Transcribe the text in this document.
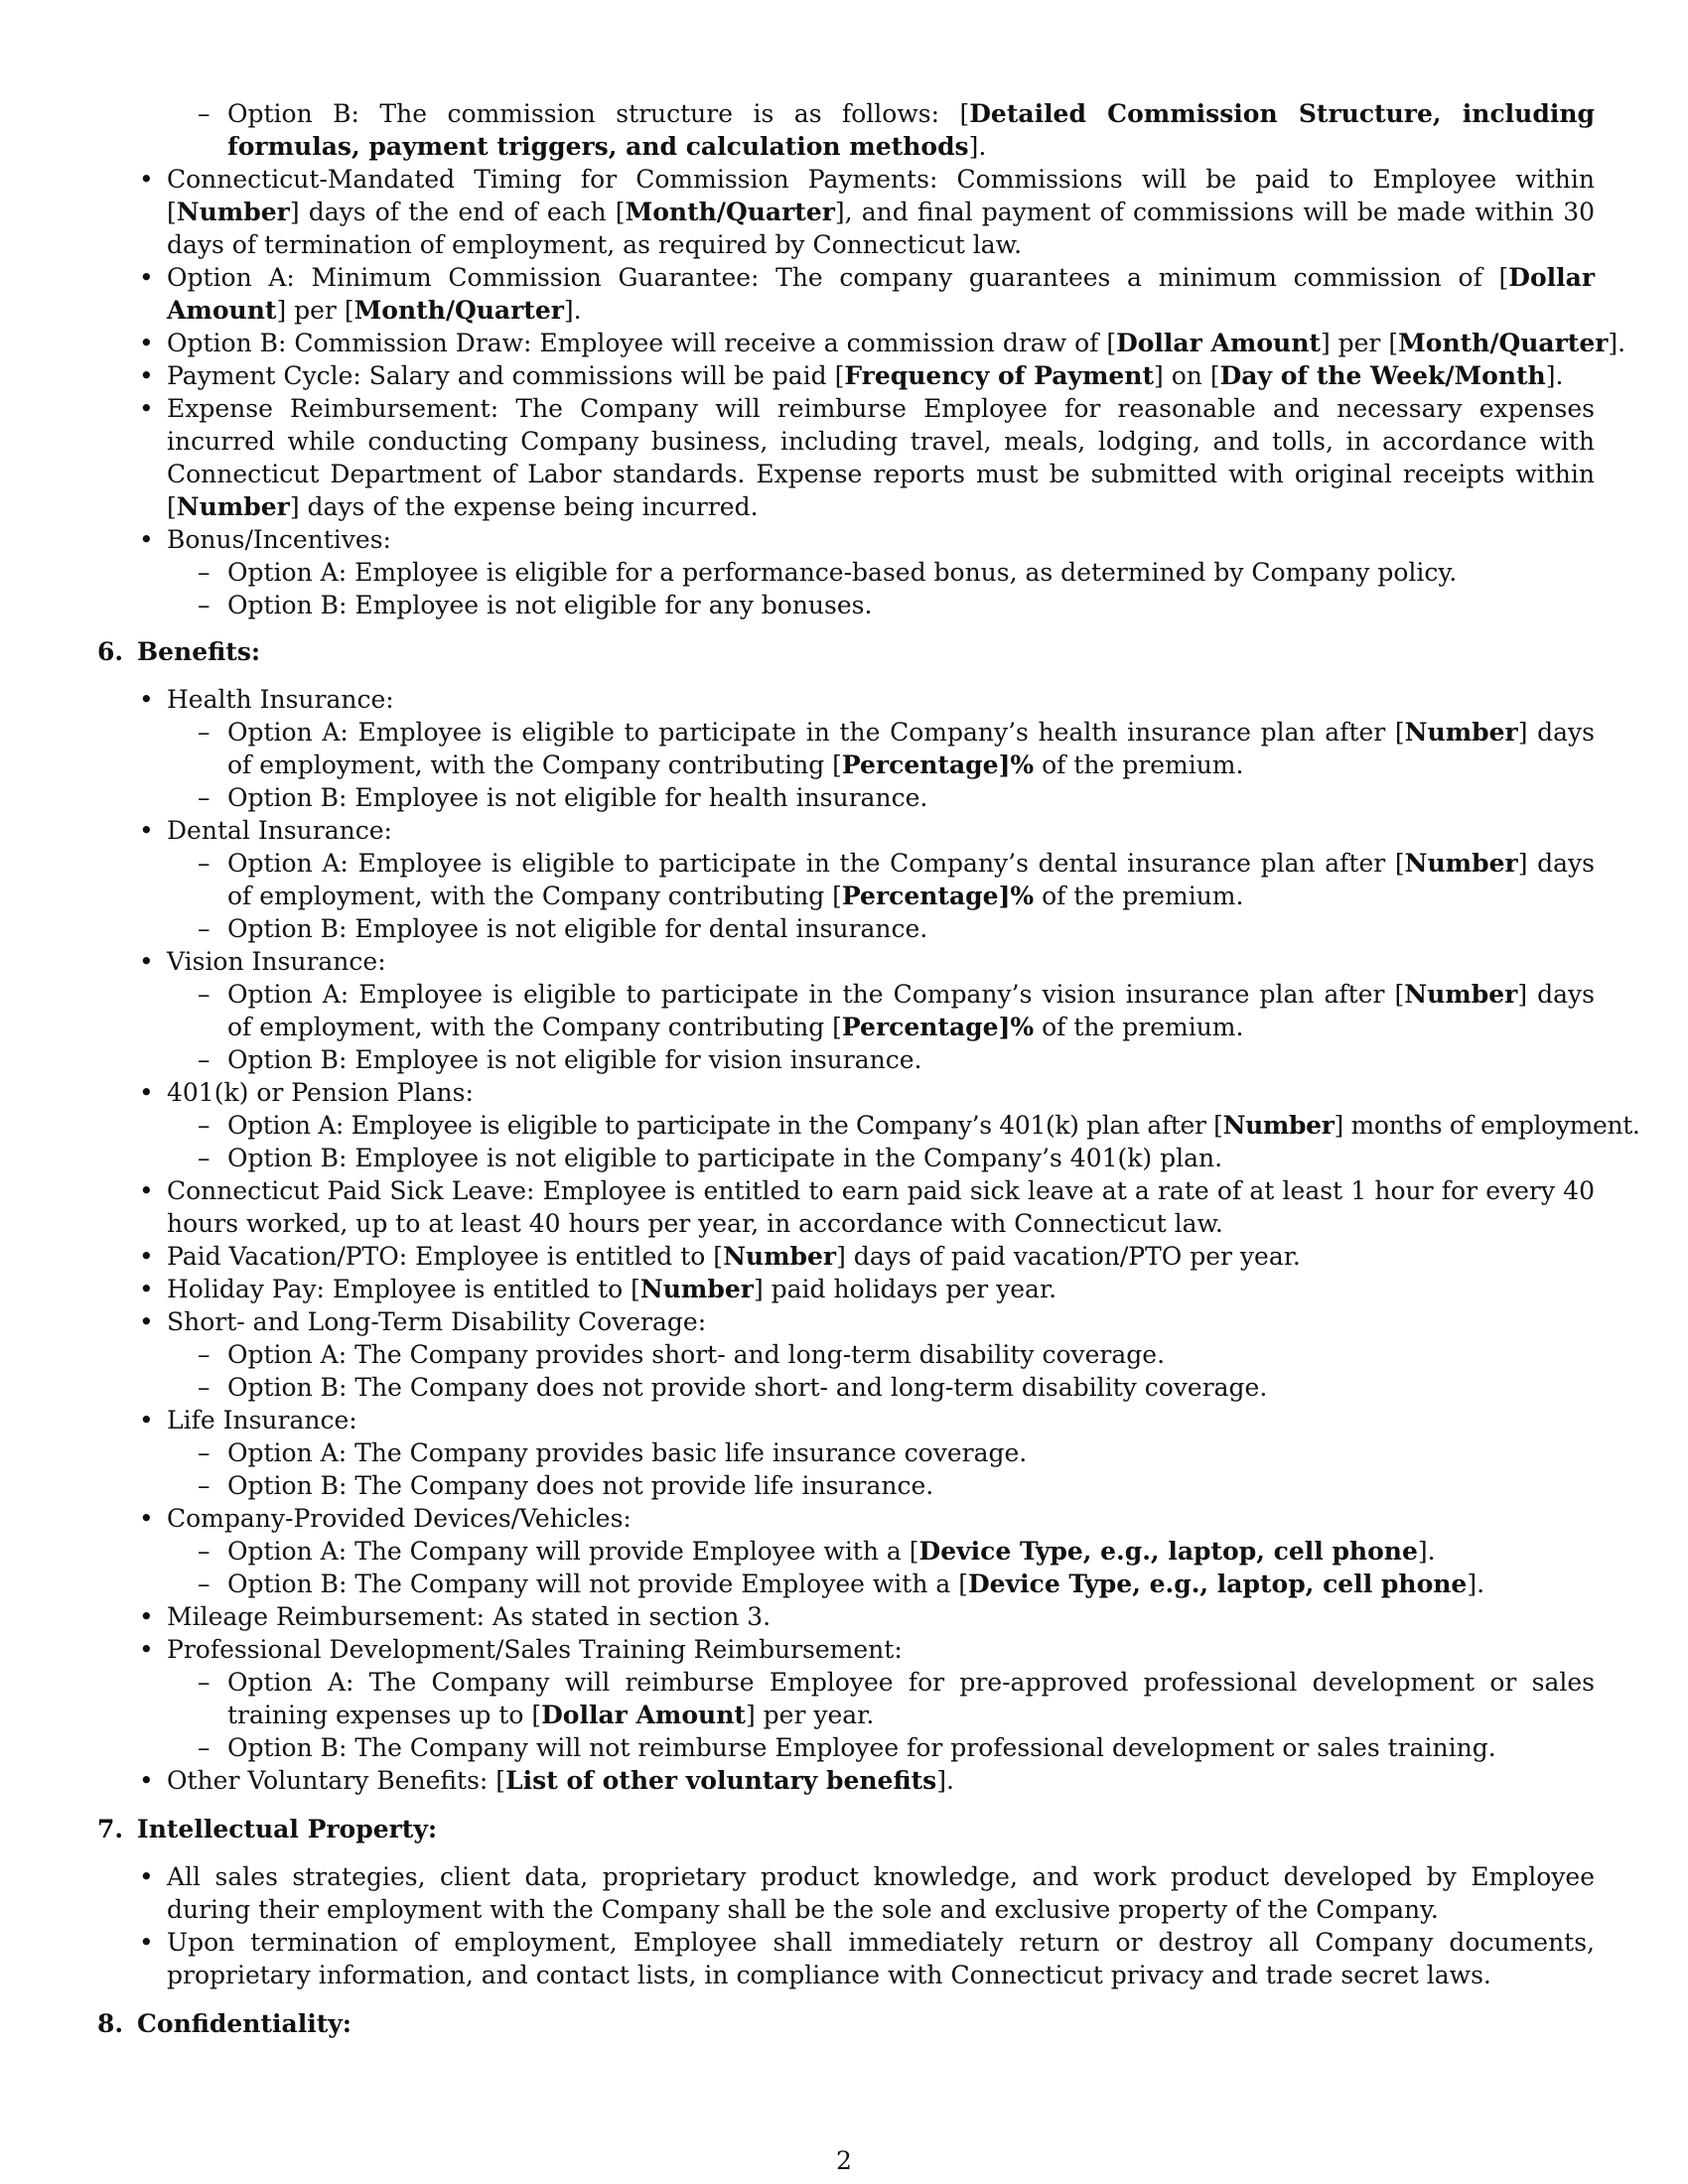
– Option B: The commission structure is as follows: [Detailed Commission Structure, including formulas, payment triggers, and calculation methods].
• Connecticut-Mandated Timing for Commission Payments: Commissions will be paid to Employee within [Number] days of the end of each [Month/Quarter], and final payment of commissions will be made within 30 days of termination of employment, as required by Connecticut law.
• Option A: Minimum Commission Guarantee: The company guarantees a minimum commission of [Dollar Amount] per [Month/Quarter].
• Option B: Commission Draw: Employee will receive a commission draw of [Dollar Amount] per [Month/Quarter].
• Payment Cycle: Salary and commissions will be paid [Frequency of Payment] on [Day of the Week/Month].
• Expense Reimbursement: The Company will reimburse Employee for reasonable and necessary expenses incurred while conducting Company business, including travel, meals, lodging, and tolls, in accordance with Connecticut Department of Labor standards. Expense reports must be submitted with original receipts within [Number] days of the expense being incurred.
• Bonus/Incentives:
– Option A: Employee is eligible for a performance-based bonus, as determined by Company policy.
– Option B: Employee is not eligible for any bonuses.
6. Benefits:
• Health Insurance:
– Option A: Employee is eligible to participate in the Company’s health insurance plan after [Number] days of employment, with the Company contributing [Percentage]% of the premium.
– Option B: Employee is not eligible for health insurance.
• Dental Insurance:
– Option A: Employee is eligible to participate in the Company’s dental insurance plan after [Number] days of employment, with the Company contributing [Percentage]% of the premium.
– Option B: Employee is not eligible for dental insurance.
• Vision Insurance:
– Option A: Employee is eligible to participate in the Company’s vision insurance plan after [Number] days of employment, with the Company contributing [Percentage]% of the premium.
– Option B: Employee is not eligible for vision insurance.
• 401(k) or Pension Plans:
– Option A: Employee is eligible to participate in the Company’s 401(k) plan after [Number] months of employment.
– Option B: Employee is not eligible to participate in the Company’s 401(k) plan.
• Connecticut Paid Sick Leave: Employee is entitled to earn paid sick leave at a rate of at least 1 hour for every 40 hours worked, up to at least 40 hours per year, in accordance with Connecticut law.
• Paid Vacation/PTO: Employee is entitled to [Number] days of paid vacation/PTO per year.
• Holiday Pay: Employee is entitled to [Number] paid holidays per year.
• Short- and Long-Term Disability Coverage:
– Option A: The Company provides short- and long-term disability coverage.
– Option B: The Company does not provide short- and long-term disability coverage.
• Life Insurance:
– Option A: The Company provides basic life insurance coverage.
– Option B: The Company does not provide life insurance.
• Company-Provided Devices/Vehicles:
– Option A: The Company will provide Employee with a [Device Type, e.g., laptop, cell phone].
– Option B: The Company will not provide Employee with a [Device Type, e.g., laptop, cell phone].
• Mileage Reimbursement: As stated in section 3.
• Professional Development/Sales Training Reimbursement:
– Option A: The Company will reimburse Employee for pre-approved professional development or sales training expenses up to [Dollar Amount] per year.
– Option B: The Company will not reimburse Employee for professional development or sales training.
• Other Voluntary Benefits: [List of other voluntary benefits].
7. Intellectual Property:
• All sales strategies, client data, proprietary product knowledge, and work product developed by Employee during their employment with the Company shall be the sole and exclusive property of the Company.
• Upon termination of employment, Employee shall immediately return or destroy all Company documents, proprietary information, and contact lists, in compliance with Connecticut privacy and trade secret laws.
8. Confidentiality:
2
